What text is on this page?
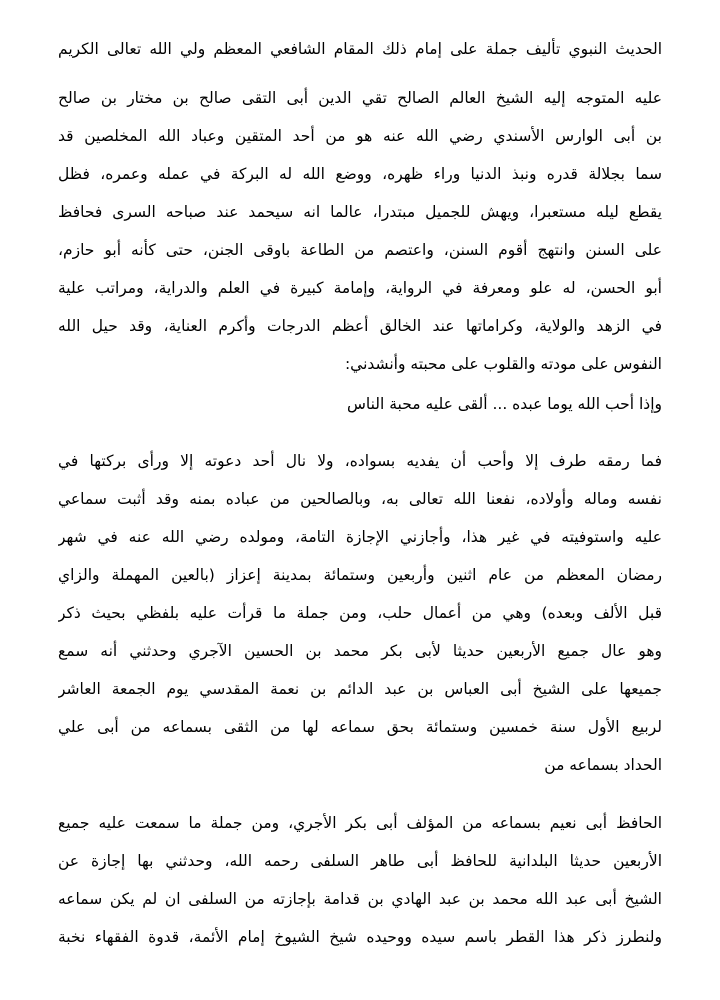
الحديث النبوي تأليف جملة على إمام ذلك المقام الشافعي المعظم ولي الله تعالى الكريم
عليه المتوجه إليه الشيخ العالم الصالح تقي الدين أبى التقى صالح بن مختار بن صالح
بن أبى الوارس الأسندي رضي الله عنه هو من أحد المتقين وعباد الله المخلصين قد
سما بجلالة قدره ونبذ الدنيا وراء ظهره، ووضع الله له البركة في عمله وعمره، فظل
يقطع ليله مستعبرا، ويهش للجميل مبتدرا، عالما انه سيحمد عند صباحه السرى فحافظ
على السنن وانتهج أقوم السنن، واعتصم من الطاعة باوقى الجنن، حتى كأنه أبو حازم،
أبو الحسن، له علو ومعرفة في الرواية، وإمامة كبيرة في العلم والدراية، ومراتب علية
في الزهد والولاية، وكراماتها عند الخالق أعظم الدرجات وأكرم العناية، وقد حيل الله
النفوس على مودته والقلوب على محبته وأنشدني:
وإذا أحب الله يوما عبده ... ألقى عليه محبة الناس
فما رمقه طرف إلا وأحب أن يفديه بسواده، ولا نال أحد دعوته إلا ورأى بركتها في
نفسه وماله وأولاده، نفعنا الله تعالى به، وبالصالحين من عباده بمنه وقد أثبت سماعي
عليه واستوفيته في غير هذا، وأجازني الإجازة التامة، ومولده رضي الله عنه في شهر
رمضان المعظم من عام اثنين وأربعين وستمائة بمدينة إعزاز (بالعين المهملة والزاي
قبل الألف وبعده) وهي من أعمال حلب، ومن جملة ما قرأت عليه بلفظي بحيث ذكر
وهو عال جميع الأربعين حديثا لأبى بكر محمد بن الحسين الآجري وحدثني أنه سمع
جميعها على الشيخ أبى العباس بن عبد الدائم بن نعمة المقدسي يوم الجمعة العاشر
لربيع الأول سنة خمسين وستمائة بحق سماعه لها من الثقى بسماعه من أبى علي
الحداد بسماعه من
الحافظ أبى نعيم بسماعه من المؤلف أبى بكر الأجري، ومن جملة ما سمعت عليه جميع
الأربعين حديثا البلدانية للحافظ أبى طاهر السلفى رحمه الله، وحدثني بها إجازة عن
الشيخ أبى عبد الله محمد بن عبد الهادي بن قدامة بإجازته من السلفى ان لم يكن سماعه
ولنطرز ذكر هذا القطر باسم سيده ووحيده شيخ الشيوخ إمام الأئمة، قدوة الفقهاء نخبة
